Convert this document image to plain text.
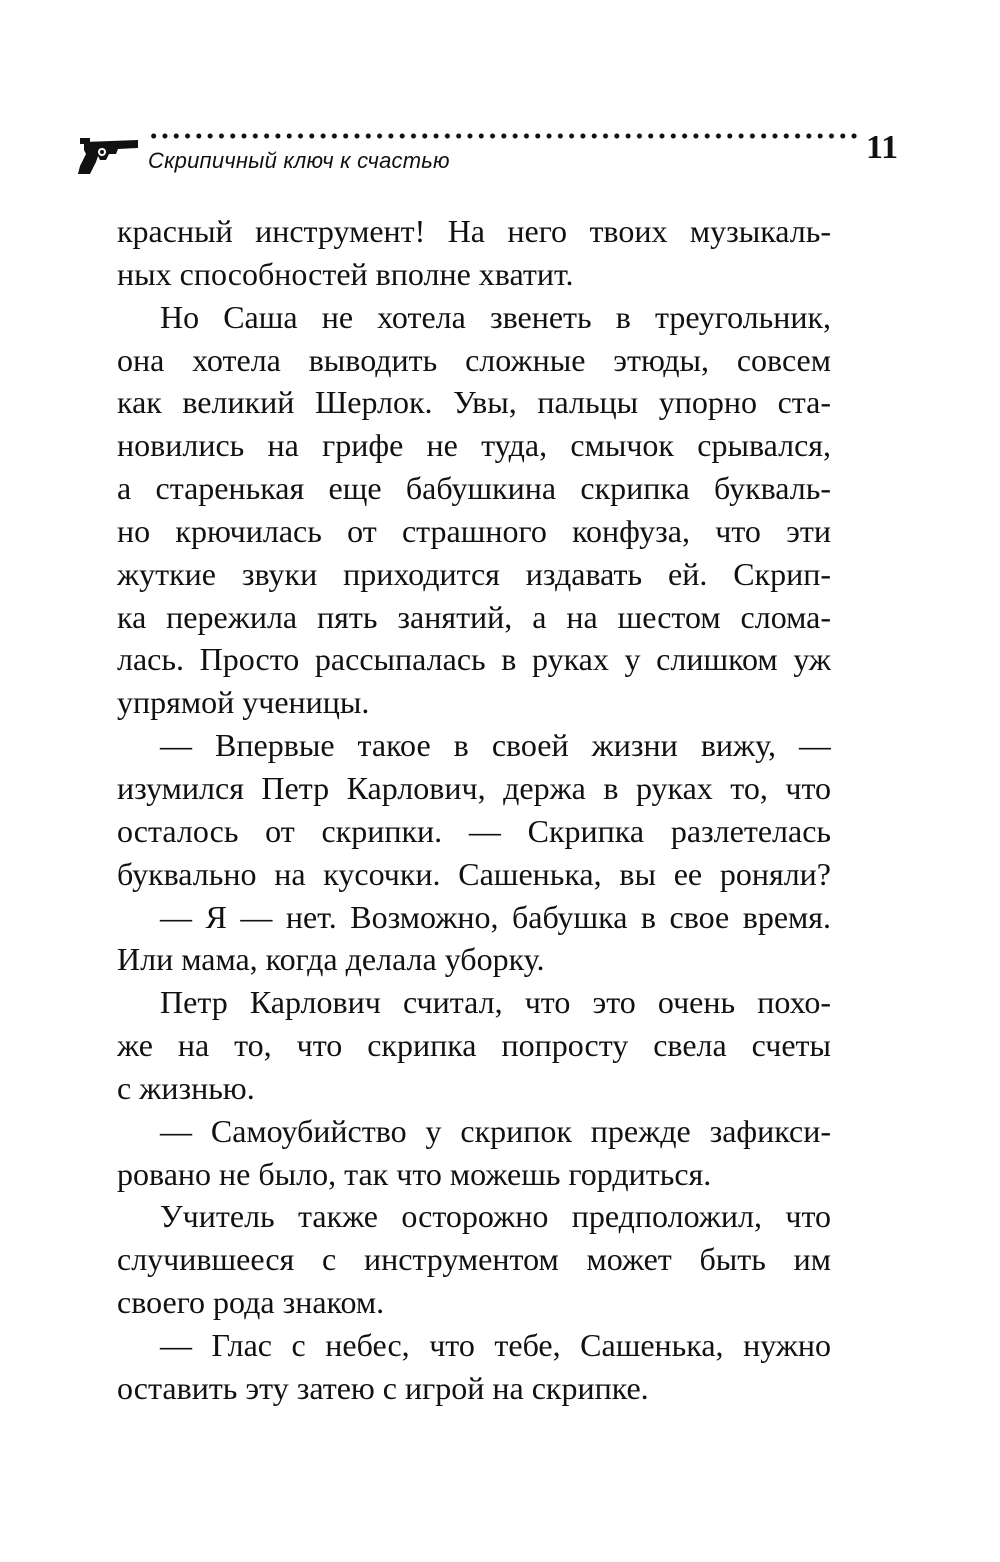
Скрипичный ключ к счастью	11
красный инструмент! На него твоих музыкаль-
ных способностей вполне хватит.
Но Саша не хотела звенеть в треугольник,
она хотела выводить сложные этюды, совсем
как великий Шерлок. Увы, пальцы упорно ста-
новились на грифе не туда, смычок срывался,
а старенькая еще бабушкина скрипка букваль-
но крючилась от страшного конфуза, что эти
жуткие звуки приходится издавать ей. Скрип-
ка пережила пять занятий, а на шестом слома-
лась. Просто рассыпалась в руках у слишком уж
упрямой ученицы.
— Впервые такое в своей жизни вижу, —
изумился Петр Карлович, держа в руках то, что
осталось от скрипки. — Скрипка разлетелась
буквально на кусочки. Сашенька, вы ее роняли?
— Я — нет. Возможно, бабушка в свое время.
Или мама, когда делала уборку.
Петр Карлович считал, что это очень похо-
же на то, что скрипка попросту свела счеты
с жизнью.
— Самоубийство у скрипок прежде зафикси-
ровано не было, так что можешь гордиться.
Учитель также осторожно предположил, что
случившееся с инструментом может быть им
своего рода знаком.
— Глас с небес, что тебе, Сашенька, нужно
оставить эту затею с игрой на скрипке.
